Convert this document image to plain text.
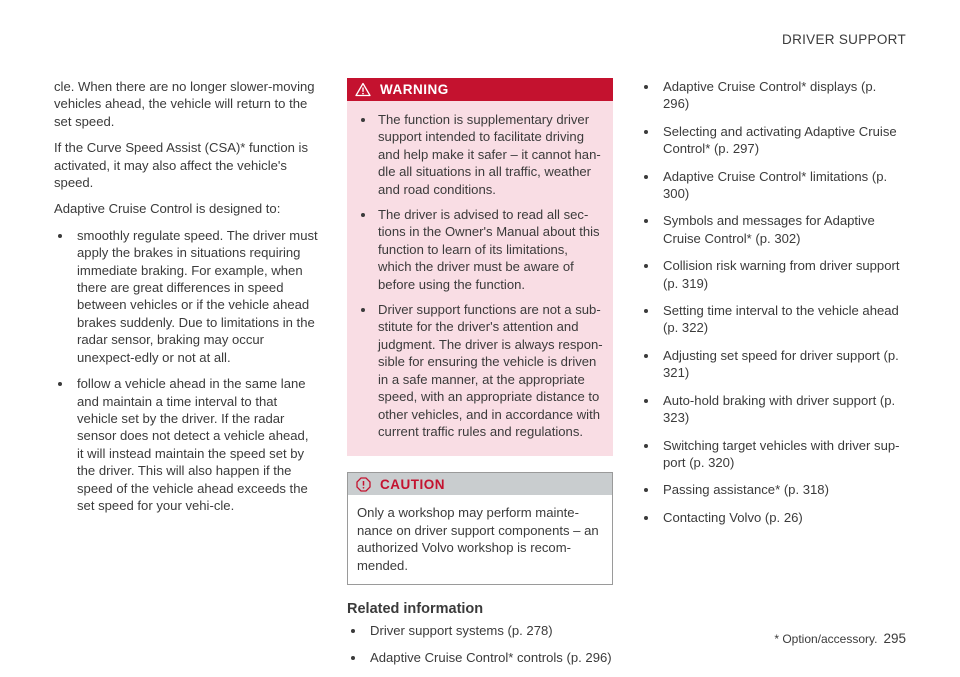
DRIVER SUPPORT

cle. When there are no longer slower-moving vehicles ahead, the vehicle will return to the set speed.

If the Curve Speed Assist (CSA)* function is activated, it may also affect the vehicle's speed.

Adaptive Cruise Control is designed to:

smoothly regulate speed. The driver must apply the brakes in situations requiring immediate braking. For example, when there are great differences in speed between vehicles or if the vehicle ahead brakes suddenly. Due to limitations in the radar sensor, braking may occur unexpect-edly or not at all.
follow a vehicle ahead in the same lane and maintain a time interval to that vehicle set by the driver. If the radar sensor does not detect a vehicle ahead, it will instead maintain the speed set by the driver. This will also happen if the speed of the vehicle ahead exceeds the set speed for your vehi-cle.
WARNING
The function is supplementary driver support intended to facilitate driving and help make it safer – it cannot han-dle all situations in all traffic, weather and road conditions.
The driver is advised to read all sec-tions in the Owner's Manual about this function to learn of its limitations, which the driver must be aware of before using the function.
Driver support functions are not a sub-stitute for the driver's attention and judgment. The driver is always respon-sible for ensuring the vehicle is driven in a safe manner, at the appropriate speed, with an appropriate distance to other vehicles, and in accordance with current traffic rules and regulations.
CAUTION
Only a workshop may perform mainte-nance on driver support components – an authorized Volvo workshop is recom-mended.
Related information
Driver support systems (p. 278)
Adaptive Cruise Control* controls (p. 296)
Adaptive Cruise Control* displays (p. 296)
Selecting and activating Adaptive Cruise Control* (p. 297)
Adaptive Cruise Control* limitations (p. 300)
Symbols and messages for Adaptive Cruise Control* (p. 302)
Collision risk warning from driver support (p. 319)
Setting time interval to the vehicle ahead (p. 322)
Adjusting set speed for driver support (p. 321)
Auto-hold braking with driver support (p. 323)
Switching target vehicles with driver sup-port (p. 320)
Passing assistance* (p. 318)
Contacting Volvo (p. 26)
* Option/accessory. 295
